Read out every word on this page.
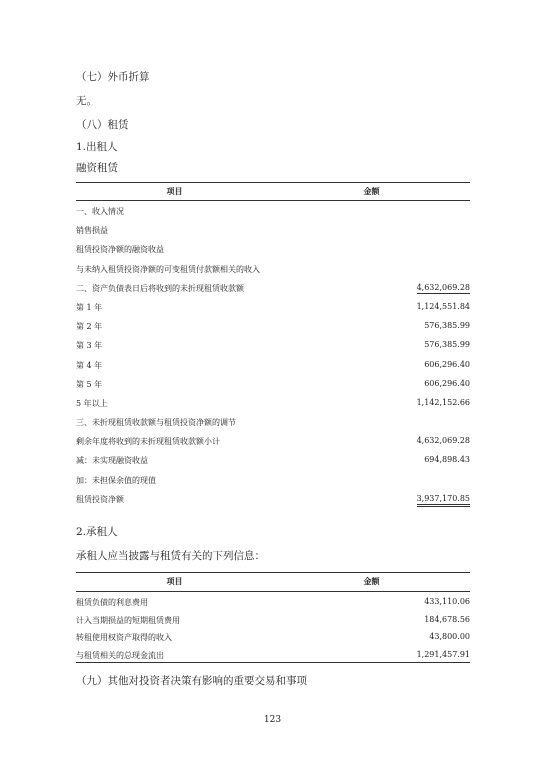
（七）外币折算
无。
（八）租赁
1.出租人
融资租赁
项目	金额
一、收入情况
销售损益
租赁投资净额的融资收益
与未纳入租赁投资净额的可变租赁付款额相关的收入
二、资产负债表日后将收到的未折现租赁收款额	4,632,069.28
第 1 年	1,124,551.84
第 2 年	576,385.99
第 3 年	576,385.99
第 4 年	606,296.40
第 5 年	606,296.40
5 年以上	1,142,152.66
三、未折现租赁收款额与租赁投资净额的调节
剩余年度将收到的未折现租赁收款额小计	4,632,069.28
减：未实现融资收益	694,898.43
加：未担保余值的现值
租赁投资净额	3,937,170.85
2.承租人
承租人应当披露与租赁有关的下列信息：
项目	金额
租赁负债的利息费用	433,110.06
计入当期损益的短期租赁费用	184,678.56
转租使用权资产取得的收入	43,800.00
与租赁相关的总现金流出	1,291,457.91
（九）其他对投资者决策有影响的重要交易和事项
123
